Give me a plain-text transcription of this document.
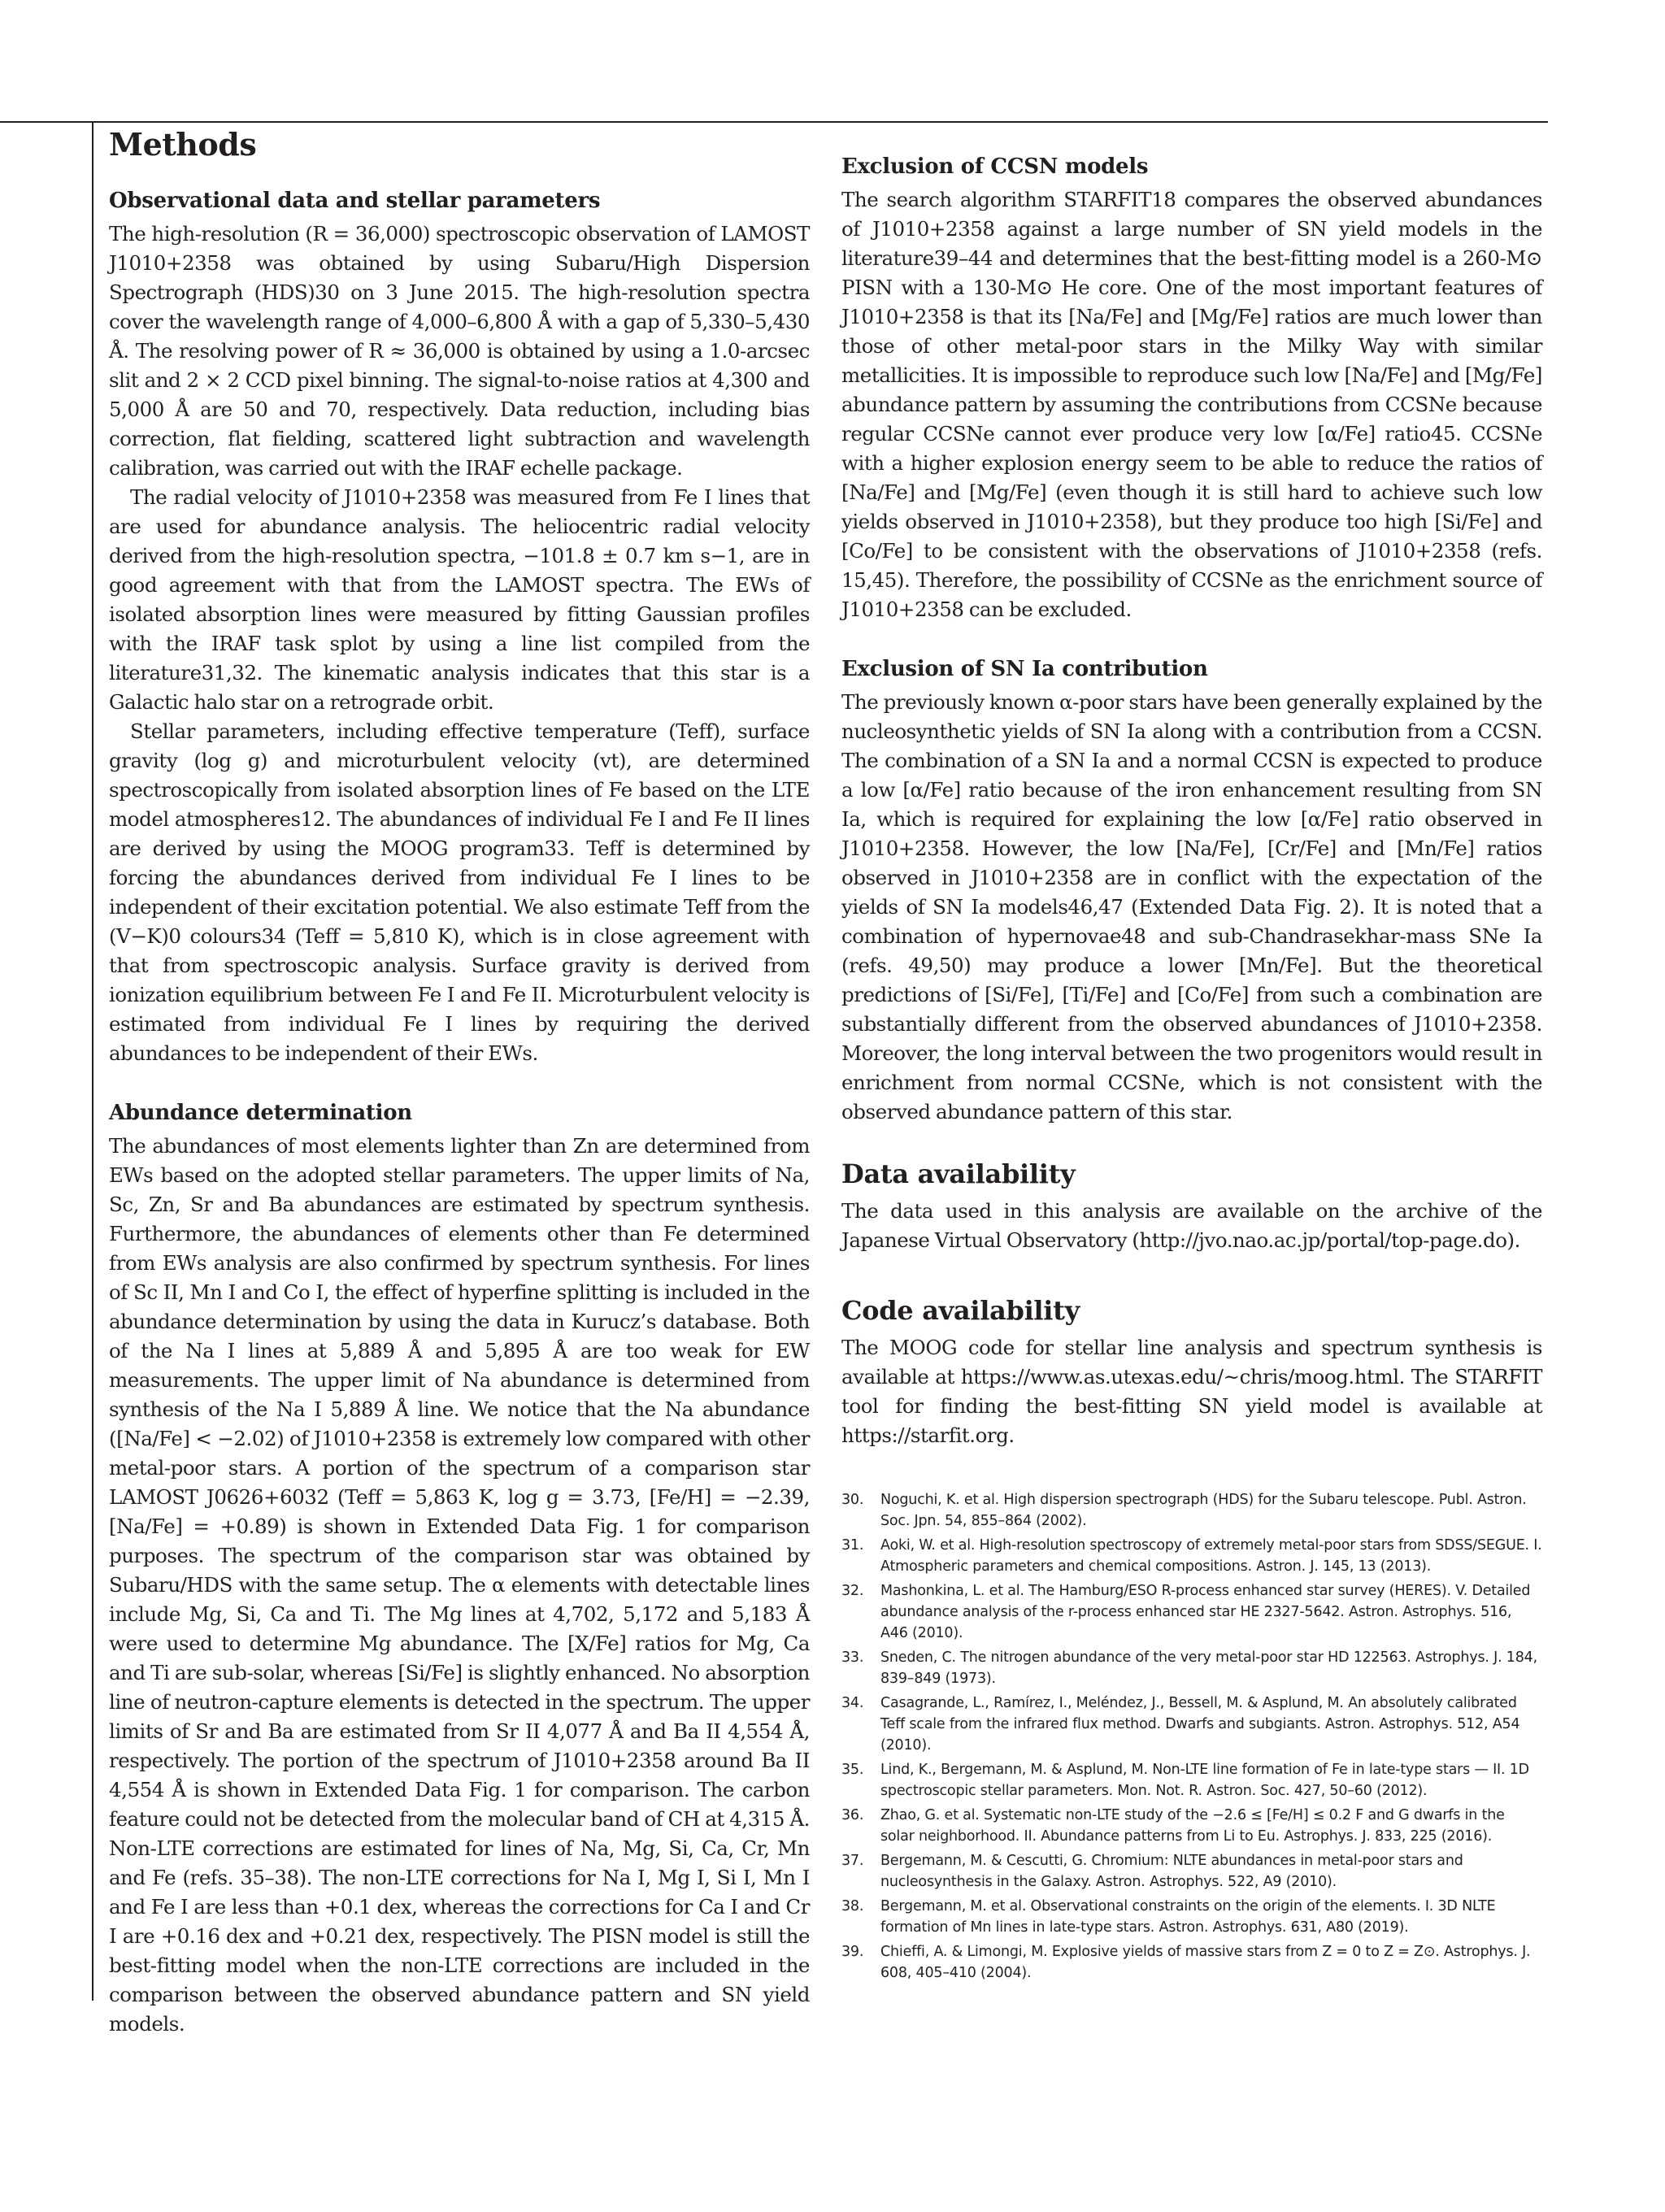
Methods
Observational data and stellar parameters

The high-resolution (R = 36,000) spectroscopic observation of LAMOST J1010+2358 was obtained by using Subaru/High Dispersion Spectrograph (HDS)30 on 3 June 2015. The high-resolution spectra cover the wavelength range of 4,000–6,800 Å with a gap of 5,330–5,430 Å. The resolving power of R ≈ 36,000 is obtained by using a 1.0-arcsec slit and 2 × 2 CCD pixel binning. The signal-to-noise ratios at 4,300 and 5,000 Å are 50 and 70, respectively. Data reduction, including bias correction, flat fielding, scattered light subtraction and wavelength calibration, was carried out with the IRAF echelle package.

The radial velocity of J1010+2358 was measured from Fe I lines that are used for abundance analysis. The heliocentric radial velocity derived from the high-resolution spectra, −101.8 ± 0.7 km s−1, are in good agreement with that from the LAMOST spectra. The EWs of isolated absorption lines were measured by fitting Gaussian profiles with the IRAF task splot by using a line list compiled from the literature31,32. The kinematic analysis indicates that this star is a Galactic halo star on a retrograde orbit.

Stellar parameters, including effective temperature (Teff), surface gravity (log g) and microturbulent velocity (vt), are determined spectroscopically from isolated absorption lines of Fe based on the LTE model atmospheres12. The abundances of individual Fe I and Fe II lines are derived by using the MOOG program33. Teff is determined by forcing the abundances derived from individual Fe I lines to be independent of their excitation potential. We also estimate Teff from the (V−K)0 colours34 (Teff = 5,810 K), which is in close agreement with that from spectroscopic analysis. Surface gravity is derived from ionization equilibrium between Fe I and Fe II. Microturbulent velocity is estimated from individual Fe I lines by requiring the derived abundances to be independent of their EWs.

Abundance determination

The abundances of most elements lighter than Zn are determined from EWs based on the adopted stellar parameters. The upper limits of Na, Sc, Zn, Sr and Ba abundances are estimated by spectrum synthesis. Furthermore, the abundances of elements other than Fe determined from EWs analysis are also confirmed by spectrum synthesis. For lines of Sc II, Mn I and Co I, the effect of hyperfine splitting is included in the abundance determination by using the data in Kurucz’s database. Both of the Na I lines at 5,889 Å and 5,895 Å are too weak for EW measurements. The upper limit of Na abundance is determined from synthesis of the Na I 5,889 Å line. We notice that the Na abundance ([Na/Fe] < −2.02) of J1010+2358 is extremely low compared with other metal-poor stars. A portion of the spectrum of a comparison star LAMOST J0626+6032 (Teff = 5,863 K, log g = 3.73, [Fe/H] = −2.39, [Na/Fe] = +0.89) is shown in Extended Data Fig. 1 for comparison purposes. The spectrum of the comparison star was obtained by Subaru/HDS with the same setup. The α elements with detectable lines include Mg, Si, Ca and Ti. The Mg lines at 4,702, 5,172 and 5,183 Å were used to determine Mg abundance. The [X/Fe] ratios for Mg, Ca and Ti are sub-solar, whereas [Si/Fe] is slightly enhanced. No absorption line of neutron-capture elements is detected in the spectrum. The upper limits of Sr and Ba are estimated from Sr II 4,077 Å and Ba II 4,554 Å, respectively. The portion of the spectrum of J1010+2358 around Ba II 4,554 Å is shown in Extended Data Fig. 1 for comparison. The carbon feature could not be detected from the molecular band of CH at 4,315 Å. Non-LTE corrections are estimated for lines of Na, Mg, Si, Ca, Cr, Mn and Fe (refs. 35–38). The non-LTE corrections for Na I, Mg I, Si I, Mn I and Fe I are less than +0.1 dex, whereas the corrections for Ca I and Cr I are +0.16 dex and +0.21 dex, respectively. The PISN model is still the best-fitting model when the non-LTE corrections are included in the comparison between the observed abundance pattern and SN yield models.

Exclusion of CCSN models

The search algorithm STARFIT18 compares the observed abundances of J1010+2358 against a large number of SN yield models in the literature39–44 and determines that the best-fitting model is a 260-M⊙ PISN with a 130-M⊙ He core. One of the most important features of J1010+2358 is that its [Na/Fe] and [Mg/Fe] ratios are much lower than those of other metal-poor stars in the Milky Way with similar metallicities. It is impossible to reproduce such low [Na/Fe] and [Mg/Fe] abundance pattern by assuming the contributions from CCSNe because regular CCSNe cannot ever produce very low [α/Fe] ratio45. CCSNe with a higher explosion energy seem to be able to reduce the ratios of [Na/Fe] and [Mg/Fe] (even though it is still hard to achieve such low yields observed in J1010+2358), but they produce too high [Si/Fe] and [Co/Fe] to be consistent with the observations of J1010+2358 (refs. 15,45). Therefore, the possibility of CCSNe as the enrichment source of J1010+2358 can be excluded.

Exclusion of SN Ia contribution

The previously known α-poor stars have been generally explained by the nucleosynthetic yields of SN Ia along with a contribution from a CCSN. The combination of a SN Ia and a normal CCSN is expected to produce a low [α/Fe] ratio because of the iron enhancement resulting from SN Ia, which is required for explaining the low [α/Fe] ratio observed in J1010+2358. However, the low [Na/Fe], [Cr/Fe] and [Mn/Fe] ratios observed in J1010+2358 are in conflict with the expectation of the yields of SN Ia models46,47 (Extended Data Fig. 2). It is noted that a combination of hypernovae48 and sub-Chandrasekhar-mass SNe Ia (refs. 49,50) may produce a lower [Mn/Fe]. But the theoretical predictions of [Si/Fe], [Ti/Fe] and [Co/Fe] from such a combination are substantially different from the observed abundances of J1010+2358. Moreover, the long interval between the two progenitors would result in enrichment from normal CCSNe, which is not consistent with the observed abundance pattern of this star.

Data availability

The data used in this analysis are available on the archive of the Japanese Virtual Observatory (http://jvo.nao.ac.jp/portal/top-page.do).

Code availability

The MOOG code for stellar line analysis and spectrum synthesis is available at https://www.as.utexas.edu/~chris/moog.html. The STARFIT tool for finding the best-fitting SN yield model is available at https://starfit.org.

30.	Noguchi, K. et al. High dispersion spectrograph (HDS) for the Subaru telescope. Publ. Astron. Soc. Jpn. 54, 855–864 (2002).
31.	Aoki, W. et al. High-resolution spectroscopy of extremely metal-poor stars from SDSS/SEGUE. I. Atmospheric parameters and chemical compositions. Astron. J. 145, 13 (2013).
32.	Mashonkina, L. et al. The Hamburg/ESO R-process enhanced star survey (HERES). V. Detailed abundance analysis of the r-process enhanced star HE 2327-5642. Astron. Astrophys. 516, A46 (2010).
33.	Sneden, C. The nitrogen abundance of the very metal-poor star HD 122563. Astrophys. J. 184, 839–849 (1973).
34.	Casagrande, L., Ramírez, I., Meléndez, J., Bessell, M. & Asplund, M. An absolutely calibrated Teff scale from the infrared flux method. Dwarfs and subgiants. Astron. Astrophys. 512, A54 (2010).
35.	Lind, K., Bergemann, M. & Asplund, M. Non-LTE line formation of Fe in late-type stars — II. 1D spectroscopic stellar parameters. Mon. Not. R. Astron. Soc. 427, 50–60 (2012).
36.	Zhao, G. et al. Systematic non-LTE study of the −2.6 ≤ [Fe/H] ≤ 0.2 F and G dwarfs in the solar neighborhood. II. Abundance patterns from Li to Eu. Astrophys. J. 833, 225 (2016).
37.	Bergemann, M. & Cescutti, G. Chromium: NLTE abundances in metal-poor stars and nucleosynthesis in the Galaxy. Astron. Astrophys. 522, A9 (2010).
38.	Bergemann, M. et al. Observational constraints on the origin of the elements. I. 3D NLTE formation of Mn lines in late-type stars. Astron. Astrophys. 631, A80 (2019).
39.	Chieffi, A. & Limongi, M. Explosive yields of massive stars from Z = 0 to Z = Z⊙. Astrophys. J. 608, 405–410 (2004).
